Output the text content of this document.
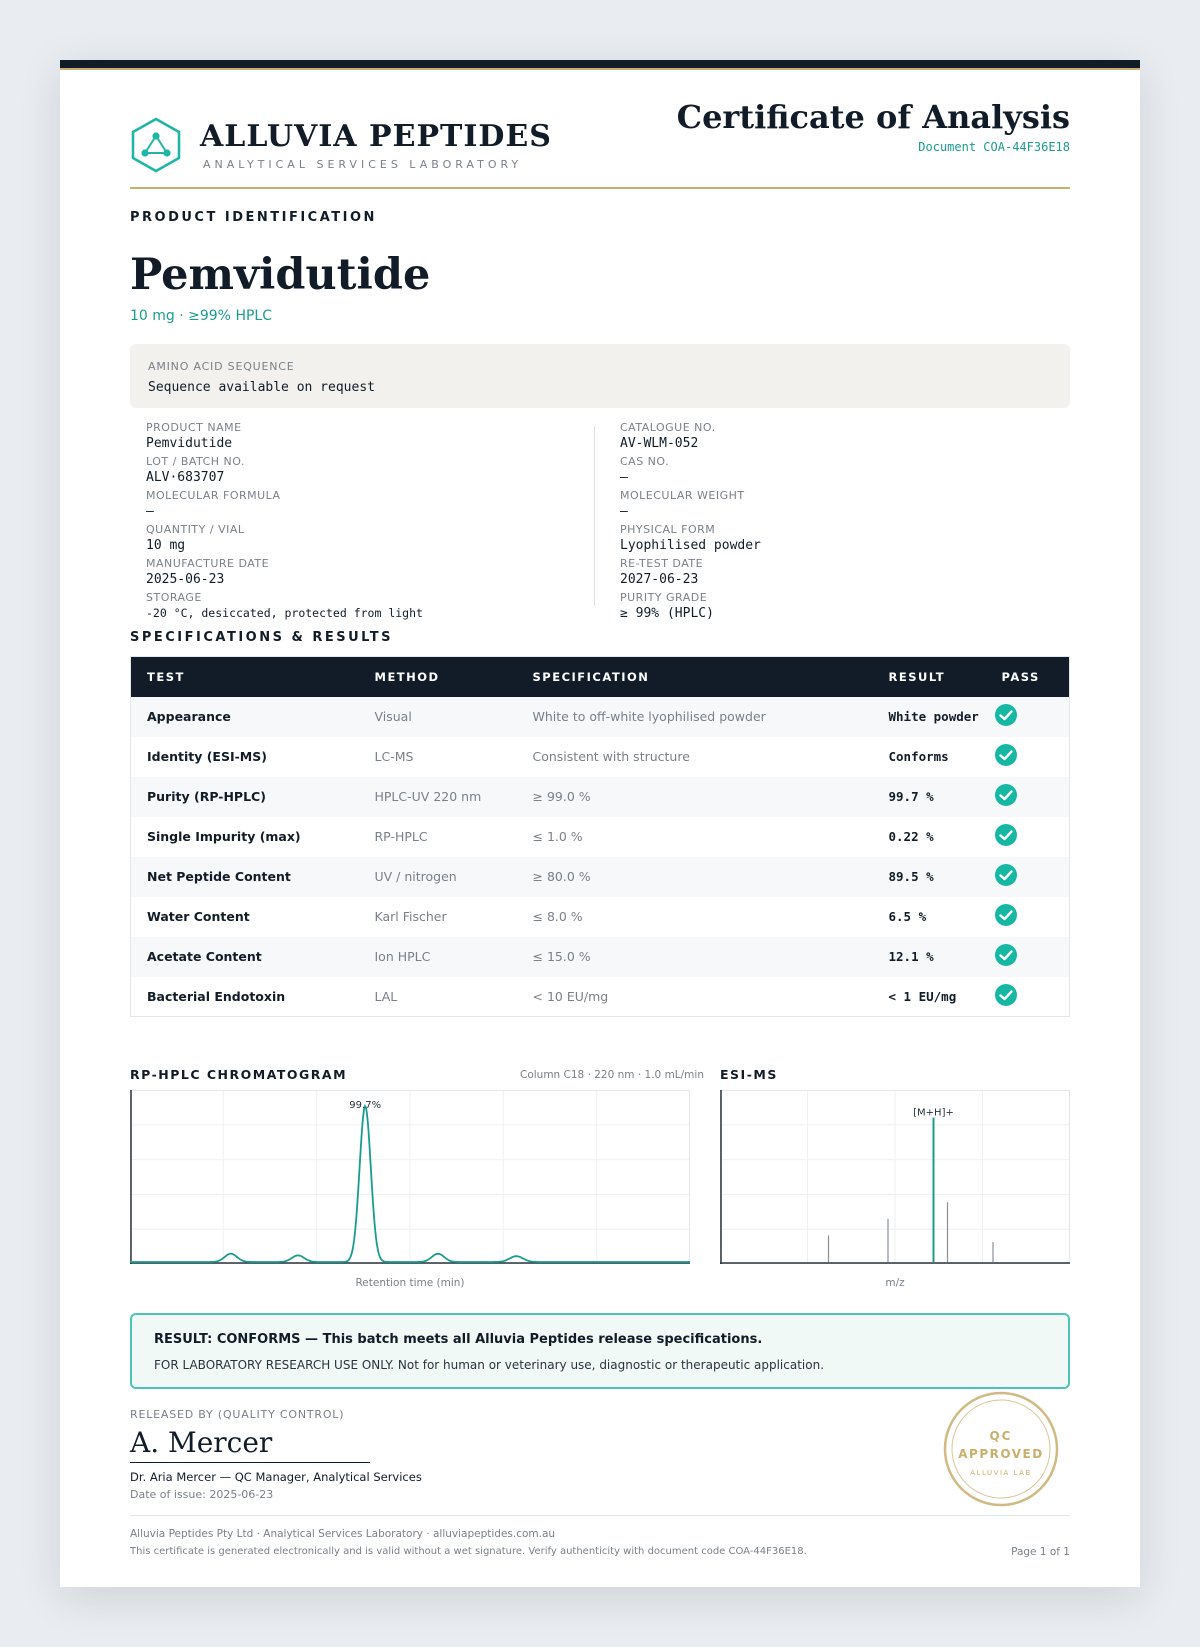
ALLUVIA PEPTIDES
ANALYTICAL SERVICES LABORATORY
Certificate of Analysis
Document COA-44F36E18
PRODUCT IDENTIFICATION
Pemvidutide
10 mg · ≥99% HPLC
AMINO ACID SEQUENCE
Sequence available on request
PRODUCT NAME
Pemvidutide
LOT / BATCH NO.
ALV·683707
MOLECULAR FORMULA
—
QUANTITY / VIAL
10 mg
MANUFACTURE DATE
2025-06-23
STORAGE
-20 °C, desiccated, protected from light
CATALOGUE NO.
AV-WLM-052
CAS NO.
—
MOLECULAR WEIGHT
—
PHYSICAL FORM
Lyophilised powder
RE-TEST DATE
2027-06-23
PURITY GRADE
≥ 99% (HPLC)
SPECIFICATIONS & RESULTS
TEST	METHOD	SPECIFICATION	RESULT	PASS
Appearance	Visual	White to off-white lyophilised powder	White powder	
Identity (ESI-MS)	LC-MS	Consistent with structure	Conforms	
Purity (RP-HPLC)	HPLC-UV 220 nm	≥ 99.0 %	99.7 %	
Single Impurity (max)	RP-HPLC	≤ 1.0 %	0.22 %	
Net Peptide Content	UV / nitrogen	≥ 80.0 %	89.5 %	
Water Content	Karl Fischer	≤ 8.0 %	6.5 %	
Acetate Content	Ion HPLC	≤ 15.0 %	12.1 %	
Bacterial Endotoxin	LAL	< 10 EU/mg	< 1 EU/mg	
RP-HPLC CHROMATOGRAM	Column C18 · 220 nm · 1.0 mL/min
99.7%
Retention time (min)
ESI-MS
[M+H]+
m/z
RESULT: CONFORMS — This batch meets all Alluvia Peptides release specifications.
FOR LABORATORY RESEARCH USE ONLY. Not for human or veterinary use, diagnostic or therapeutic application.
RELEASED BY (QUALITY CONTROL)
A. Mercer
Dr. Aria Mercer — QC Manager, Analytical Services
Date of issue: 2025-06-23
QC
APPROVED
ALLUVIA LAB
Alluvia Peptides Pty Ltd · Analytical Services Laboratory · alluviapeptides.com.au
This certificate is generated electronically and is valid without a wet signature. Verify authenticity with document code COA-44F36E18.	Page 1 of 1
